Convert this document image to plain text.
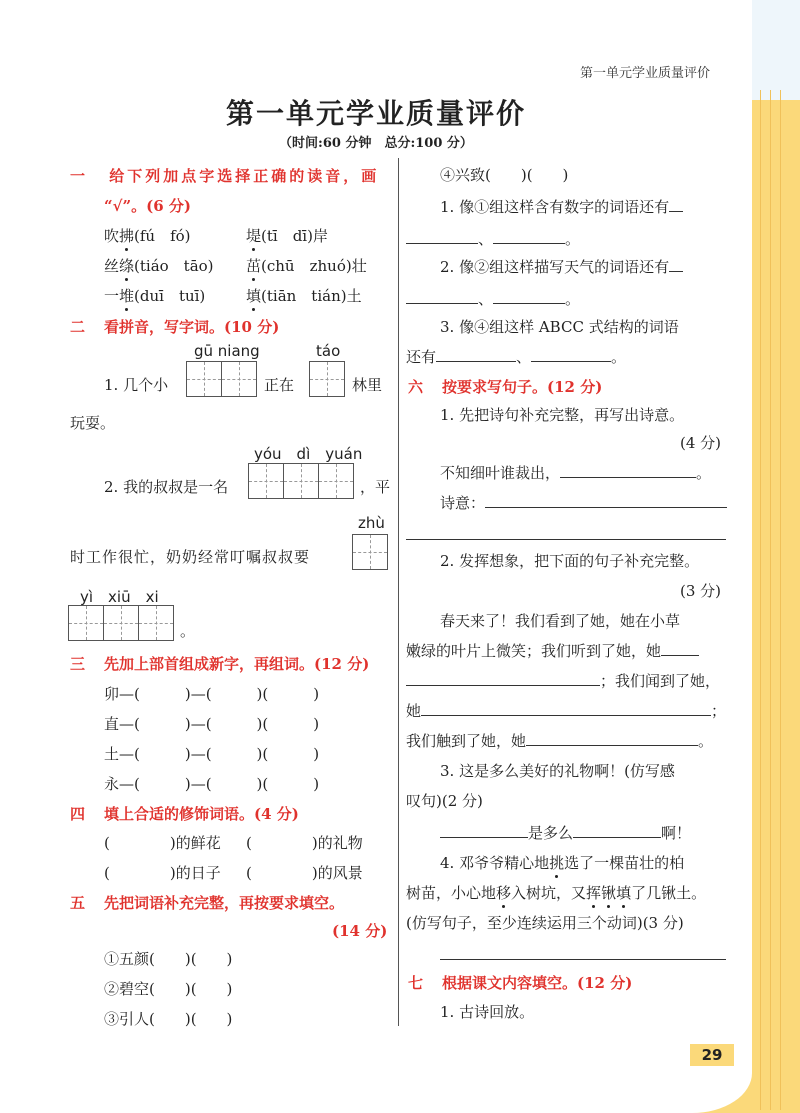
第一单元学业质量评价
第一单元学业质量评价
（时间:60 分钟　总分:100 分）
一 给下列加点字选择正确的读音，画
“√”。(6 分)
吹拂(fú　fó)	堤(tī　dī)岸
丝绦(tiáo　tāo) 茁(chū　zhuó)壮
一堆(duī　tuī)	填(tiān　tián)土
二 看拼音，写字词。(10 分)
gū niang	táo
1. 几个小	正在	林里
玩耍。
yóu　dì　yuán
2. 我的叔叔是一名	，平
zhù
时工作很忙，奶奶经常叮嘱叔叔要
yì　xiū　xi
。
三 先加上部首组成新字，再组词。(12 分)
卯—(　　　)—(　　　)(　　　)
直—(　　　)—(　　　)(　　　)
土—(　　　)—(　　　)(　　　)
永—(　　　)—(　　　)(　　　)
四 填上合适的修饰词语。(4 分)
(　　　　)的鲜花 (　　　　)的礼物
(　　　　)的日子 (　　　　)的风景
五 先把词语补充完整，再按要求填空。
(14 分)
①五颜(　　)(　　)
②碧空(　　)(　　)
③引人(　　)(　　)
④兴致(　　)(　　)
1. 像①组这样含有数字的词语还有
、	。
2. 像②组这样描写天气的词语还有
、	。
3. 像④组这样 ABCC 式结构的词语
还有	、	。
六 按要求写句子。(12 分)
1. 先把诗句补充完整，再写出诗意。
(4 分)
不知细叶谁裁出，	。
诗意：
2. 发挥想象，把下面的句子补充完整。
(3 分)
春天来了！我们看到了她，她在小草
嫩绿的叶片上微笑；我们听到了她，她
；我们闻到了她，
她	；
我们触到了她，她	。
3. 这是多么美好的礼物啊！(仿写感
叹句)(2 分)
是多么	啊！
4. 邓爷爷精心地挑选了一棵苗壮的柏
树苗，小心地移入树坑，又挥锹填了几锹土。
(仿写句子，至少连续运用三个动词)(3 分)
七 根据课文内容填空。(12 分)
1. 古诗回放。
29
